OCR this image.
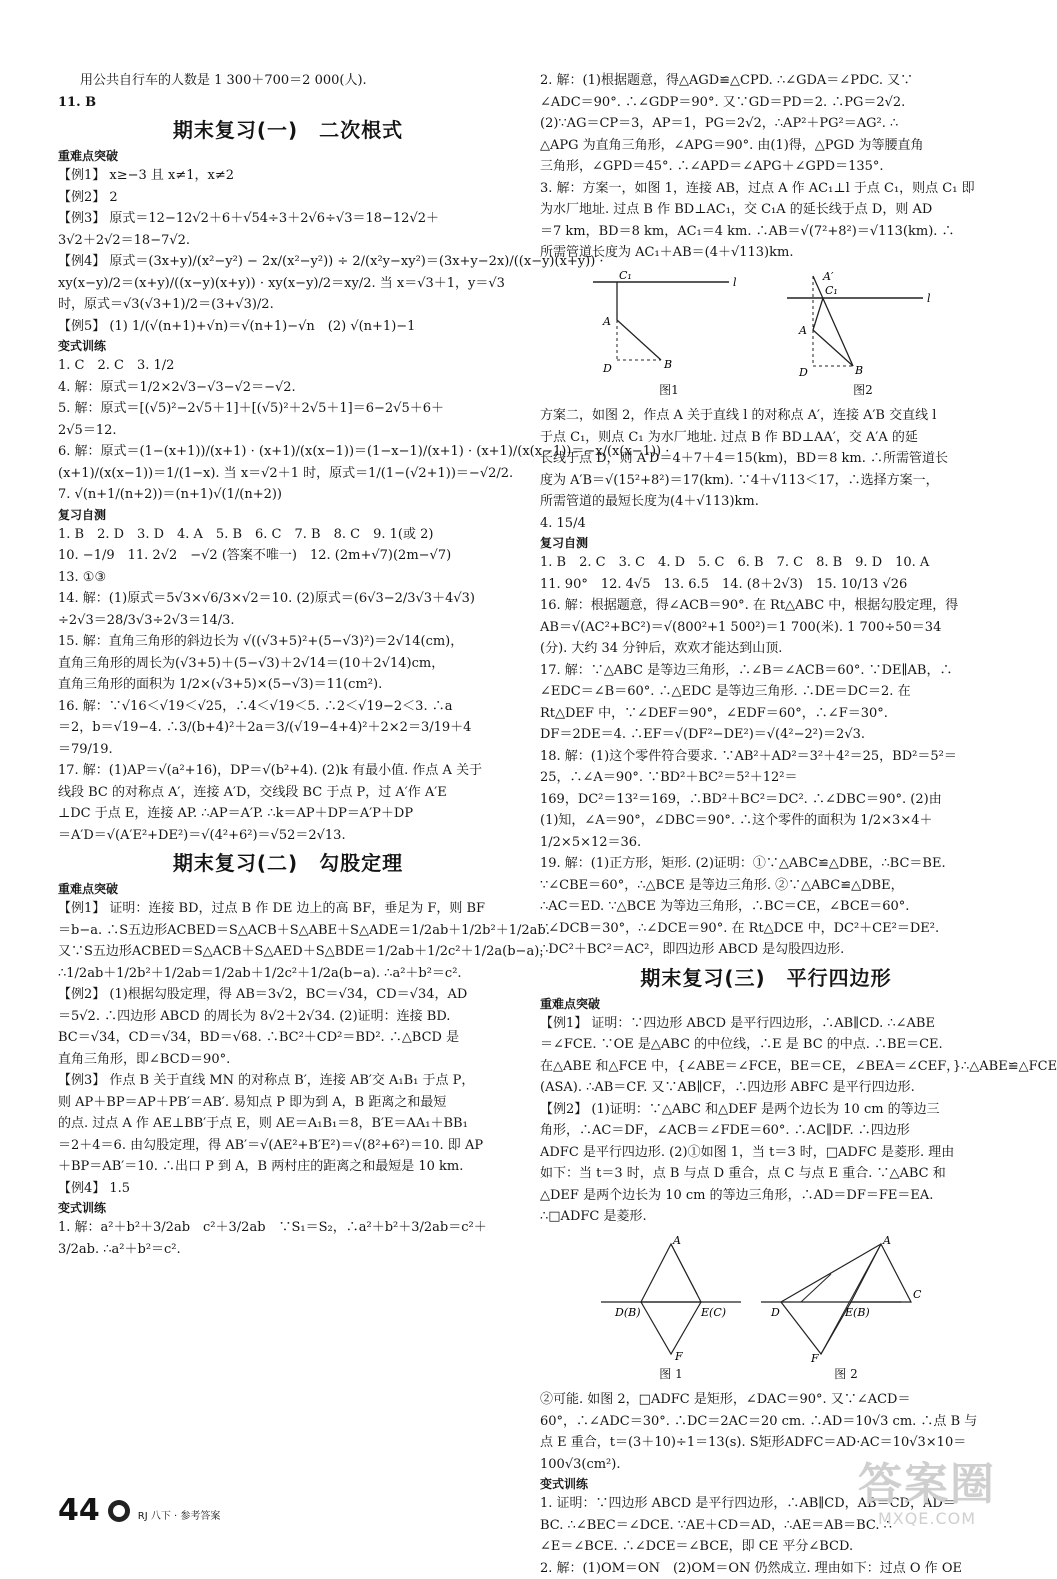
用公共自行车的人数是 1 300＋700＝2 000(人).
11. B
期末复习(一)　二次根式
重难点突破
【例1】 x≥−3 且 x≠1，x≠2
【例2】 2
【例3】 原式＝12−12√2＋6＋√54÷3＋2√6÷√3＝18−12√2＋
3√2＋2√2＝18−7√2.
【例4】 原式＝(3x+y)/(x²−y²) − 2x/(x²−y²)) ÷ 2/(x²y−xy²)＝(3x+y−2x)/((x−y)(x+y)) ·
xy(x−y)/2＝(x+y)/((x−y)(x+y)) · xy(x−y)/2＝xy/2. 当 x＝√3＋1，y＝√3
时，原式＝√3(√3+1)/2＝(3+√3)/2.
【例5】 (1) 1/(√(n+1)+√n)＝√(n+1)−√n　(2) √(n+1)−1
变式训练
1. C　2. C　3. 1/2
4. 解：原式＝1/2×2√3−√3−√2＝−√2.
5. 解：原式＝[(√5)²−2√5＋1]＋[(√5)²＋2√5＋1]＝6−2√5＋6＋
2√5＝12.
6. 解：原式＝(1−(x+1))/(x+1) · (x+1)/(x(x−1))＝(1−x−1)/(x+1) · (x+1)/(x(x−1))＝−x/(x(x−1)) ·
(x+1)/(x(x−1))＝1/(1−x). 当 x＝√2＋1 时，原式＝1/(1−(√2+1))＝−√2/2.
7. √(n+1/(n+2))＝(n+1)√(1/(n+2))
复习自测
1. B　2. D　3. D　4. A　5. B　6. C　7. B　8. C　9. 1(或 2)
10. −1/9　11. 2√2　−√2 (答案不唯一)　12. (2m+√7)(2m−√7)
13. ①③
14. 解：(1)原式＝5√3×√6/3×√2＝10. (2)原式＝(6√3−2/3√3＋4√3)
÷2√3＝28/3√3÷2√3＝14/3.
15. 解：直角三角形的斜边长为 √((√3+5)²+(5−√3)²)＝2√14(cm)，
直角三角形的周长为(√3+5)＋(5−√3)＋2√14＝(10＋2√14)cm，
直角三角形的面积为 1/2×(√3+5)×(5−√3)＝11(cm²).
16. 解：∵√16＜√19＜√25，∴4＜√19＜5. ∴2＜√19−2＜3. ∴a
＝2，b＝√19−4. ∴3/(b+4)²＋2a＝3/(√19−4+4)²＋2×2＝3/19＋4
＝79/19.
17. 解：(1)AP＝√(a²+16)，DP＝√(b²+4). (2)k 有最小值. 作点 A 关于
线段 BC 的对称点 A′，连接 A′D，交线段 BC 于点 P，过 A′作 A′E
⊥DC 于点 E，连接 AP. ∴AP＝A′P. ∴k＝AP＋DP＝A′P＋DP
＝A′D＝√(A′E²+DE²)＝√(4²+6²)＝√52＝2√13.
期末复习(二)　勾股定理
重难点突破
【例1】 证明：连接 BD，过点 B 作 DE 边上的高 BF，垂足为 F，则 BF
＝b−a. ∴S五边形ACBED＝S△ACB＋S△ABE＋S△ADE＝1/2ab＋1/2b²＋1/2ab.
又∵S五边形ACBED＝S△ACB＋S△AED＋S△BDE＝1/2ab＋1/2c²＋1/2a(b−a)，
∴1/2ab＋1/2b²＋1/2ab＝1/2ab＋1/2c²＋1/2a(b−a). ∴a²＋b²＝c².
【例2】 (1)根据勾股定理，得 AB＝3√2，BC＝√34，CD＝√34，AD
＝5√2. ∴四边形 ABCD 的周长为 8√2＋2√34. (2)证明：连接 BD.
BC＝√34，CD＝√34，BD＝√68. ∴BC²＋CD²＝BD². ∴△BCD 是
直角三角形，即∠BCD＝90°.
【例3】 作点 B 关于直线 MN 的对称点 B′，连接 AB′交 A₁B₁ 于点 P，
则 AP＋BP＝AP＋PB′＝AB′. 易知点 P 即为到 A，B 距离之和最短
的点. 过点 A 作 AE⊥BB′于点 E，则 AE＝A₁B₁＝8，B′E＝AA₁＋BB₁
＝2＋4＝6. 由勾股定理，得 AB′＝√(AE²+B′E²)＝√(8²+6²)＝10. 即 AP
＋BP＝AB′＝10. ∴出口 P 到 A，B 两村庄的距离之和最短是 10 km.
【例4】 1.5
变式训练
1. 解：a²＋b²＋3/2ab　c²＋3/2ab　∵S₁＝S₂，∴a²＋b²＋3/2ab＝c²＋
3/2ab. ∴a²＋b²＝c².
2. 解：(1)根据题意，得△AGD≌△CPD. ∴∠GDA＝∠PDC. 又∵
∠ADC＝90°. ∴∠GDP＝90°. 又∵GD＝PD＝2. ∴PG＝2√2.
(2)∵AG＝CP＝3，AP＝1，PG＝2√2，∴AP²＋PG²＝AG². ∴
△APG 为直角三角形，∠APG＝90°. 由(1)得，△PGD 为等腰直角
三角形，∠GPD＝45°. ∴∠APD＝∠APG＋∠GPD＝135°.
3. 解：方案一，如图 1，连接 AB，过点 A 作 AC₁⊥l 于点 C₁，则点 C₁ 即
为水厂地址. 过点 B 作 BD⊥AC₁，交 C₁A 的延长线于点 D，则 AD
＝7 km，BD＝8 km，AC₁＝4 km. ∴AB＝√(7²+8²)＝√113(km). ∴
所需管道长度为 AC₁＋AB＝(4＋√113)km.
C₁
A
D	B
l
图1
A′
C₁
A
D	B
l
图2
方案二，如图 2，作点 A 关于直线 l 的对称点 A′，连接 A′B 交直线 l
于点 C₁，则点 C₁ 为水厂地址. 过点 B 作 BD⊥AA′，交 A′A 的延
长线于点 D，则 A′D＝4＋7＋4＝15(km)，BD＝8 km. ∴所需管道长
度为 A′B＝√(15²+8²)＝17(km). ∵4＋√113＜17，∴选择方案一，
所需管道的最短长度为(4＋√113)km.
4. 15/4
复习自测
1. B　2. C　3. C　4. D　5. C　6. B　7. C　8. B　9. D　10. A
11. 90°　12. 4√5　13. 6.5　14. (8＋2√3)　15. 10/13 √26
16. 解：根据题意，得∠ACB＝90°. 在 Rt△ABC 中，根据勾股定理，得
AB＝√(AC²+BC²)＝√(800²+1 500²)＝1 700(米). 1 700÷50＝34
(分). 大约 34 分钟后，欢欢才能达到山顶.
17. 解：∵△ABC 是等边三角形，∴∠B＝∠ACB＝60°. ∵DE∥AB，∴
∠EDC＝∠B＝60°. ∴△EDC 是等边三角形. ∴DE＝DC＝2. 在
Rt△DEF 中，∵∠DEF＝90°，∠EDF＝60°，∴∠F＝30°.
DF＝2DE＝4. ∴EF＝√(DF²−DE²)＝√(4²−2²)＝2√3.
18. 解：(1)这个零件符合要求. ∵AB²＋AD²＝3²＋4²＝25，BD²＝5²＝
25，∴∠A＝90°. ∵BD²＋BC²＝5²＋12²＝
169，DC²＝13²＝169，∴BD²＋BC²＝DC². ∴∠DBC＝90°. (2)由
(1)知，∠A＝90°，∠DBC＝90°. ∴这个零件的面积为 1/2×3×4＋
1/2×5×12＝36.
19. 解：(1)正方形，矩形. (2)证明：①∵△ABC≌△DBE，∴BC＝BE.
∵∠CBE＝60°，∴△BCE 是等边三角形. ②∵△ABC≌△DBE，
∴AC＝ED. ∵△BCE 为等边三角形，∴BC＝CE，∠BCE＝60°.
∵∠DCB＝30°，∴∠DCE＝90°. 在 Rt△DCE 中，DC²＋CE²＝DE².
∴DC²＋BC²＝AC²，即四边形 ABCD 是勾股四边形.
期末复习(三)　平行四边形
重难点突破
【例1】 证明：∵四边形 ABCD 是平行四边形，∴AB∥CD. ∴∠ABE
＝∠FCE. ∵OE 是△ABC 的中位线，∴E 是 BC 的中点. ∴BE＝CE.
在△ABE 和△FCE 中，{∠ABE＝∠FCE，BE＝CE，∠BEA＝∠CEF，}∴△ABE≌△FCE
(ASA). ∴AB＝CF. 又∵AB∥CF，∴四边形 ABFC 是平行四边形.
【例2】 (1)证明：∵△ABC 和△DEF 是两个边长为 10 cm 的等边三
角形，∴AC＝DF，∠ACB＝∠FDE＝60°. ∴AC∥DF. ∴四边形
ADFC 是平行四边形. (2)①如图 1，当 t＝3 时，□ADFC 是菱形. 理由
如下：当 t＝3 时，点 B 与点 D 重合，点 C 与点 E 重合. ∵△ABC 和
△DEF 是两个边长为 10 cm 的等边三角形，∴AD＝DF＝FE＝EA.
∴□ADFC 是菱形.
A
D(B)	E(C)
F
图 1
A
C
D	E(B)
F
图 2
②可能. 如图 2，□ADFC 是矩形，∠DAC＝90°. 又∵∠ACD＝
60°，∴∠ADC＝30°. ∴DC＝2AC＝20 cm. ∴AD＝10√3 cm. ∴点 B 与
点 E 重合，t＝(3＋10)÷1＝13(s). S矩形ADFC＝AD·AC＝10√3×10＝
100√3(cm²).
变式训练
1. 证明：∵四边形 ABCD 是平行四边形，∴AB∥CD，AB＝CD，AD＝
BC. ∴∠BEC＝∠DCE. ∵AE＋CD＝AD，∴AE＝AB＝BC. ∴
∠E＝∠BCE. ∴∠DCE＝∠BCE，即 CE 平分∠BCD.
2. 解：(1)OM＝ON　(2)OM＝ON 仍然成立. 理由如下：过点 O 作 OE
44	RJ 八下 · 参考答案
答案圈
MXQE.COM
